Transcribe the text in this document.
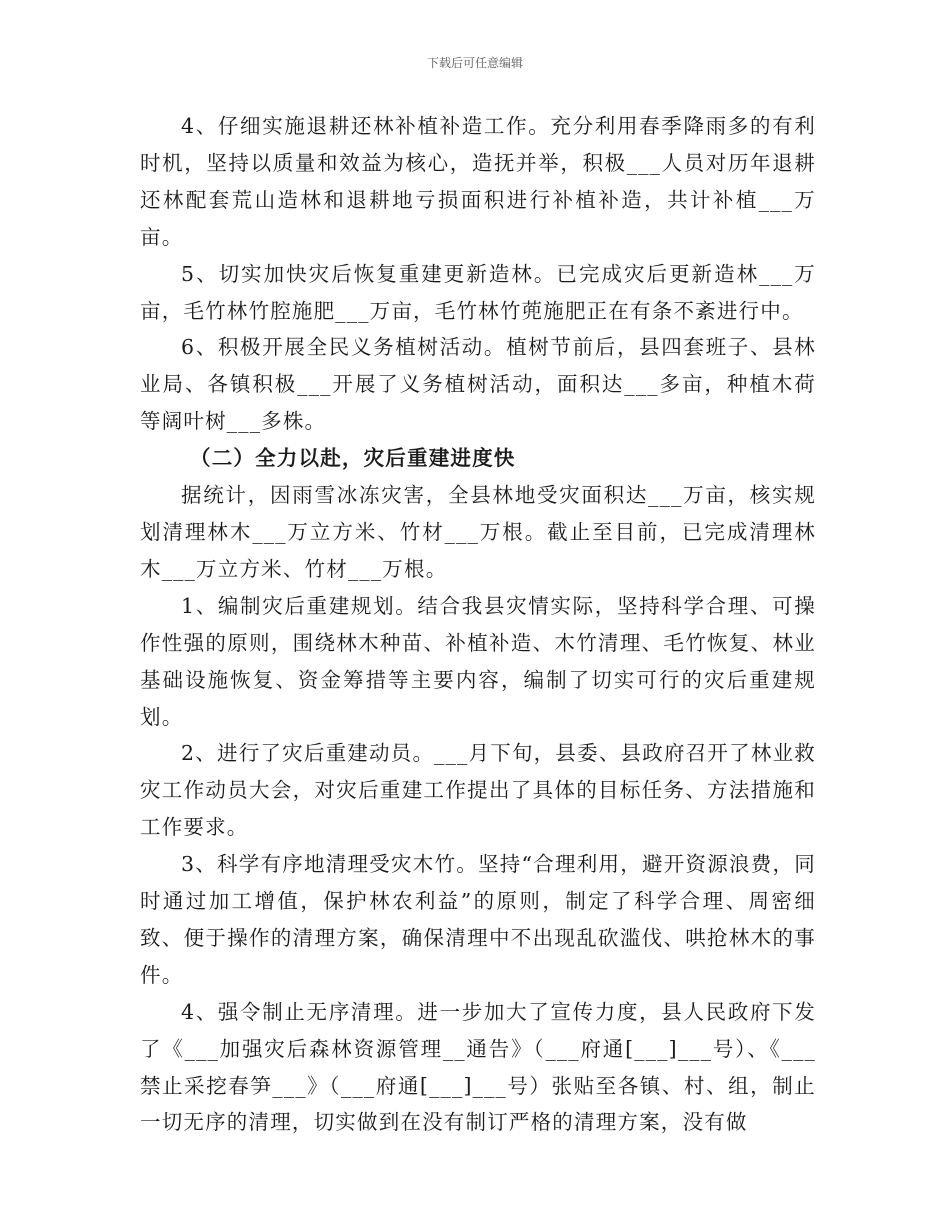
下载后可任意编辑

4、仔细实施退耕还林补植补造工作。充分利用春季降雨多的有利时机，坚持以质量和效益为核心，造抚并举，积极___人员对历年退耕还林配套荒山造林和退耕地亏损面积进行补植补造，共计补植___万亩。

5、切实加快灾后恢复重建更新造林。已完成灾后更新造林___万亩，毛竹林竹腔施肥___万亩，毛竹林竹蔸施肥正在有条不紊进行中。

6、积极开展全民义务植树活动。植树节前后，县四套班子、县林业局、各镇积极___开展了义务植树活动，面积达___多亩，种植木荷等阔叶树___多株。

（二）全力以赴，灾后重建进度快

据统计，因雨雪冰冻灾害，全县林地受灾面积达___万亩，核实规划清理林木___万立方米、竹材___万根。截止至目前，已完成清理林木___万立方米、竹材___万根。

1、编制灾后重建规划。结合我县灾情实际，坚持科学合理、可操作性强的原则，围绕林木种苗、补植补造、木竹清理、毛竹恢复、林业基础设施恢复、资金筹措等主要内容，编制了切实可行的灾后重建规划。

2、进行了灾后重建动员。___月下旬，县委、县政府召开了林业救灾工作动员大会，对灾后重建工作提出了具体的目标任务、方法措施和工作要求。

3、科学有序地清理受灾木竹。坚持“合理利用，避开资源浪费，同时通过加工增值，保护林农利益”的原则，制定了科学合理、周密细致、便于操作的清理方案，确保清理中不出现乱砍滥伐、哄抢林木的事件。

4、强令制止无序清理。进一步加大了宣传力度，县人民政府下发了《___加强灾后森林资源管理__通告》（___府通[___]___号）、《___禁止采挖春笋___》（___府通[___]___号）张贴至各镇、村、组，制止一切无序的清理，切实做到在没有制订严格的清理方案，没有做
